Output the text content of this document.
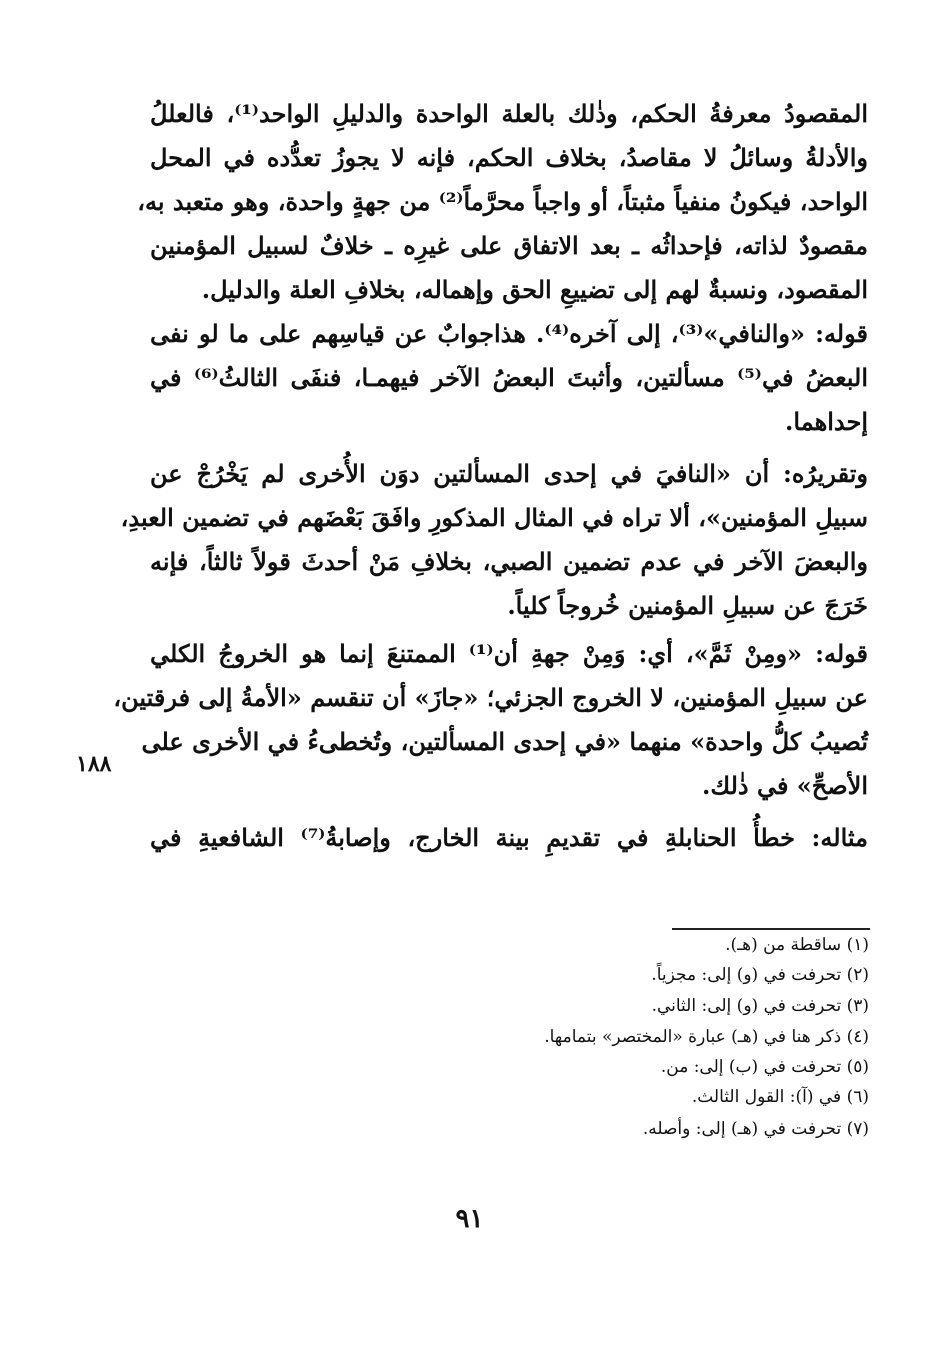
المقصودُ معرفةُ الحكم، وذٰلك بالعلة الواحدة والدليلِ الواحد⁽¹⁾، فالعللُ
والأدلةُ وسائلُ لا مقاصدُ، بخلاف الحكم، فإنه لا يجوزُ تعدُّده في المحل
الواحد، فيكونُ منفياً مثبتاً، أو واجباً محرَّماً⁽²⁾ من جهةٍ واحدة، وهو متعبد به،
مقصودٌ لذاته، فإحداثُه ـ بعد الاتفاق على غيرِه ـ خلافٌ لسبيل المؤمنين
المقصود، ونسبةٌ لهم إلى تضييعِ الحق وإهماله، بخلافِ العلة والدليل.
قوله: «والنافي»⁽³⁾، إلى آخره⁽⁴⁾. هذاجوابٌ عن قياسِهم على ما لو نفى
البعضُ في⁽⁵⁾ مسألتين، وأثبتَ البعضُ الآخر فيهمـا، فنفَى الثالثُ⁽⁶⁾ في
إحداهما.
وتقريرُه: أن «النافيَ في إحدى المسألتين دوَن الأُخرى لم يَخْرُجْ عن
سبيلِ المؤمنين»، ألا تراه في المثال المذكورِ وافَقَ بَعْضَهم في تضمين العبدِ،
والبعضَ الآخر في عدم تضمين الصبي، بخلافِ مَنْ أحدثَ قولاً ثالثاً، فإنه
خَرَجَ عن سبيلِ المؤمنين خُروجاً كلياً.
قوله: «ومِنْ ثَمَّ»، أي: وَمِنْ جهةِ أن⁽¹⁾ الممتنعَ إنما هو الخروجُ الكلي
عن سبيلِ المؤمنين، لا الخروج الجزئي؛ «جازَ» أن تنقسم «الأمةُ إلى فرقتين،
تُصيبُ كلُّ واحدة» منهما «في إحدى المسألتين، وتُخطىءُ في الأخرى على
الأصحِّ» في ذٰلك.
مثاله: خطأُ الحنابلةِ في تقديمِ بينة الخارج، وإصابةُ⁽⁷⁾ الشافعيةِ في
١٨٨
(١) ساقطة من (هـ).
(٢) تحرفت في (و) إلى: مجزياً.
(٣) تحرفت في (و) إلى: الثاني.
(٤) ذكر هنا في (هـ) عبارة «المختصر» بتمامها.
(٥) تحرفت في (ب) إلى: من.
(٦) في (آ): القول الثالث.
(٧) تحرفت في (هـ) إلى: وأصله.
٩١
